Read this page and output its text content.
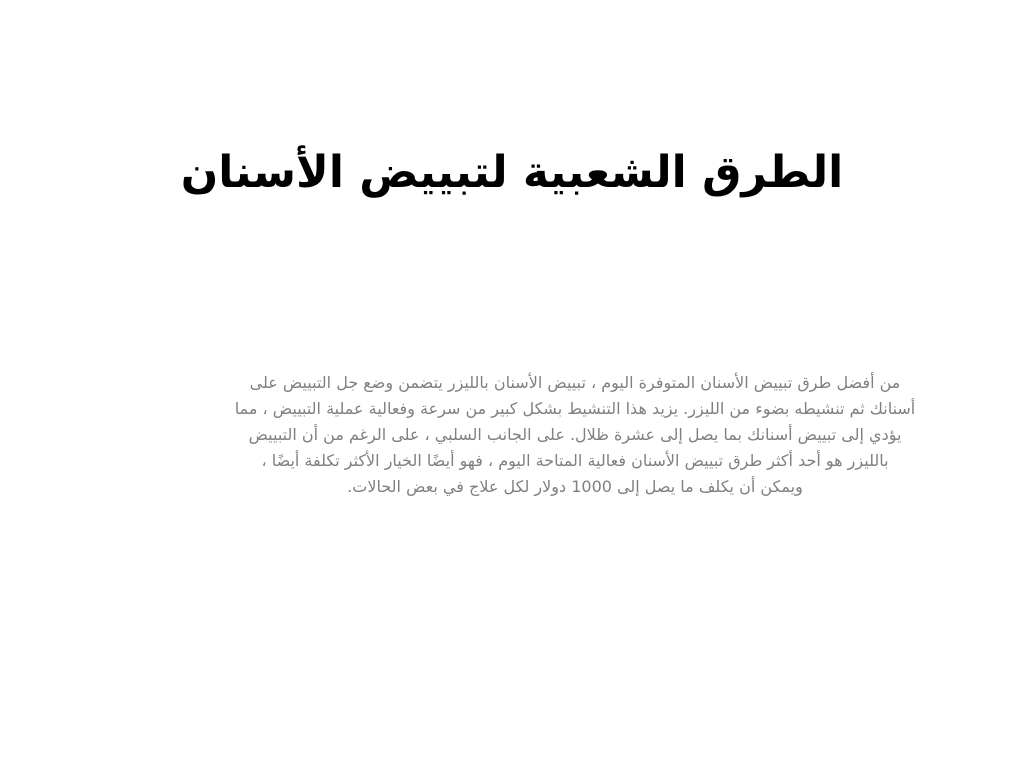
الطرق الشعبية لتبييض الأسنان
من أفضل طرق تبييض الأسنان المتوفرة اليوم ، تبييض الأسنان بالليزر يتضمن وضع جل التبييض على
أسنانك ثم تنشيطه بضوء من الليزر. يزيد هذا التنشيط بشكل كبير من سرعة وفعالية عملية التبييض ، مما
يؤدي إلى تبييض أسنانك بما يصل إلى عشرة ظلال. على الجانب السلبي ، على الرغم من أن التبييض
بالليزر هو أحد أكثر طرق تبييض الأسنان فعالية المتاحة اليوم ، فهو أيضًا الخيار الأكثر تكلفة أيضًا ،
ويمكن أن يكلف ما يصل إلى 1000 دولار لكل علاج في بعض الحالات.
